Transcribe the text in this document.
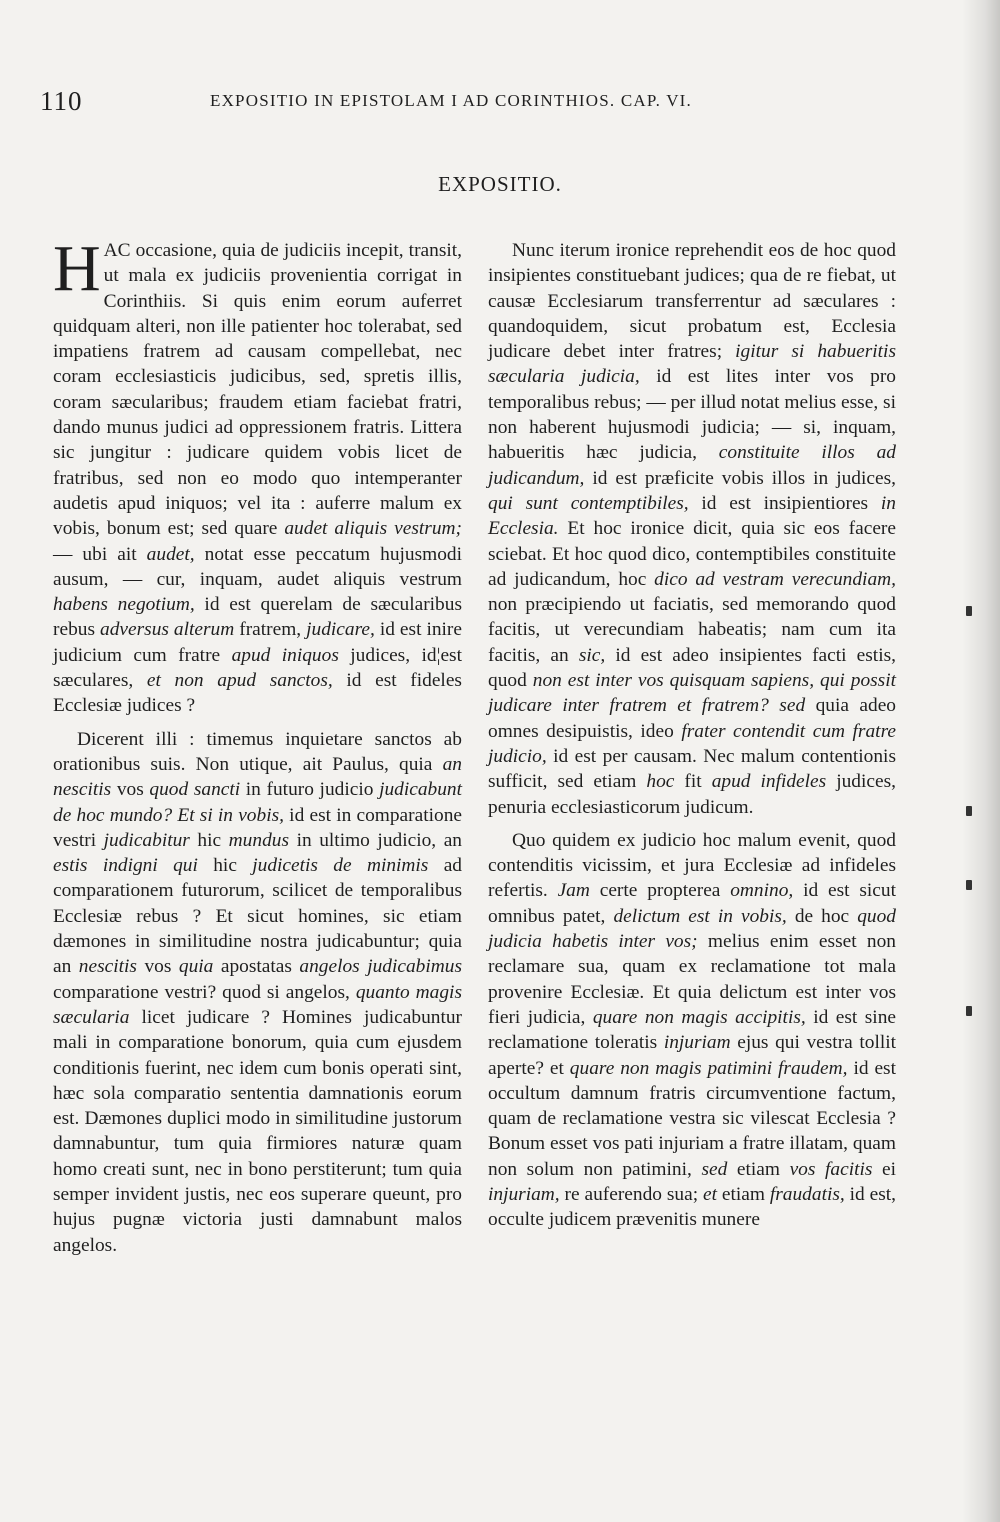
110	EXPOSITIO IN EPISTOLAM I AD CORINTHIOS. CAP. VI.
EXPOSITIO.

H AC occasione, quia de judiciis incepit, transit, ut mala ex judiciis provenientia corrigat in Corinthiis. Si quis enim eorum auferret quidquam alteri, non ille patienter hoc tolerabat, sed impatiens fratrem ad causam compellebat, nec coram ecclesiasticis judicibus, sed, spretis illis, coram sæcularibus; fraudem etiam faciebat fratri, dando munus judici ad oppressionem fratris. Littera sic jungitur : judicare quidem vobis licet de fratribus, sed non eo modo quo intemperanter audetis apud iniquos; vel ita : auferre malum ex vobis, bonum est; sed quare audet aliquis vestrum; — ubi ait audet, notat esse peccatum hujusmodi ausum, — cur, inquam, audet aliquis vestrum habens negotium, id est querelam de sæcularibus rebus adversus alterum fratrem, judicare, id est inire judicium cum fratre apud iniquos judices, id¦est sæculares, et non apud sanctos, id est fideles Ecclesiæ judices ?

Dicerent illi : timemus inquietare sanctos ab orationibus suis. Non utique, ait Paulus, quia an nescitis vos quod sancti in futuro judicio judicabunt de hoc mundo? Et si in vobis, id est in comparatione vestri judicabitur hic mundus in ultimo judicio, an estis indigni qui hic judicetis de minimis ad comparationem futurorum, scilicet de temporalibus Ecclesiæ rebus ? Et sicut homines, sic etiam dæmones in similitudine nostra judicabuntur; quia an nescitis vos quia apostatas angelos judicabimus comparatione vestri? quod si angelos, quanto magis sæcularia licet judicare ? Homines judicabuntur mali in comparatione bonorum, quia cum ejusdem conditionis fuerint, nec idem cum bonis operati sint, hæc sola comparatio sententia damnationis eorum est. Dæmones duplici modo in similitudine justorum damnabuntur, tum quia firmiores naturæ quam homo creati sunt, nec in bono perstiterunt; tum quia semper invident justis, nec eos superare queunt, pro hujus pugnæ victoria justi damnabunt malos angelos.

Nunc iterum ironice reprehendit eos de hoc quod insipientes constituebant judices; qua de re fiebat, ut causæ Ecclesiarum transferrentur ad sæculares : quandoquidem, sicut probatum est, Ecclesia judicare debet inter fratres; igitur si habueritis sæcularia judicia, id est lites inter vos pro temporalibus rebus; — per illud notat melius esse, si non haberent hujusmodi judicia; — si, inquam, habueritis hæc judicia, constituite illos ad judicandum, id est præficite vobis illos in judices, qui sunt contemptibiles, id est insipientiores in Ecclesia. Et hoc ironice dicit, quia sic eos facere sciebat. Et hoc quod dico, contemptibiles constituite ad judicandum, hoc dico ad vestram verecundiam, non præcipiendo ut faciatis, sed memorando quod facitis, ut verecundiam habeatis; nam cum ita facitis, an sic, id est adeo insipientes facti estis, quod non est inter vos quisquam sapiens, qui possit judicare inter fratrem et fratrem? sed quia adeo omnes desipuistis, ideo frater contendit cum fratre judicio, id est per causam. Nec malum contentionis sufficit, sed etiam hoc fit apud infideles judices, penuria ecclesiasticorum judicum.

Quo quidem ex judicio hoc malum evenit, quod contenditis vicissim, et jura Ecclesiæ ad infideles refertis. Jam certe propterea omnino, id est sicut omnibus patet, delictum est in vobis, de hoc quod judicia habetis inter vos; melius enim esset non reclamare sua, quam ex reclamatione tot mala provenire Ecclesiæ. Et quia delictum est inter vos fieri judicia, quare non magis accipitis, id est sine reclamatione toleratis injuriam ejus qui vestra tollit aperte? et quare non magis patimini fraudem, id est occultum damnum fratris circumventione factum, quam de reclamatione vestra sic vilescat Ecclesia ? Bonum esset vos pati injuriam a fratre illatam, quam non solum non patimini, sed etiam vos facitis ei injuriam, re auferendo sua; et etiam fraudatis, id est, occulte judicem prævenitis munere
